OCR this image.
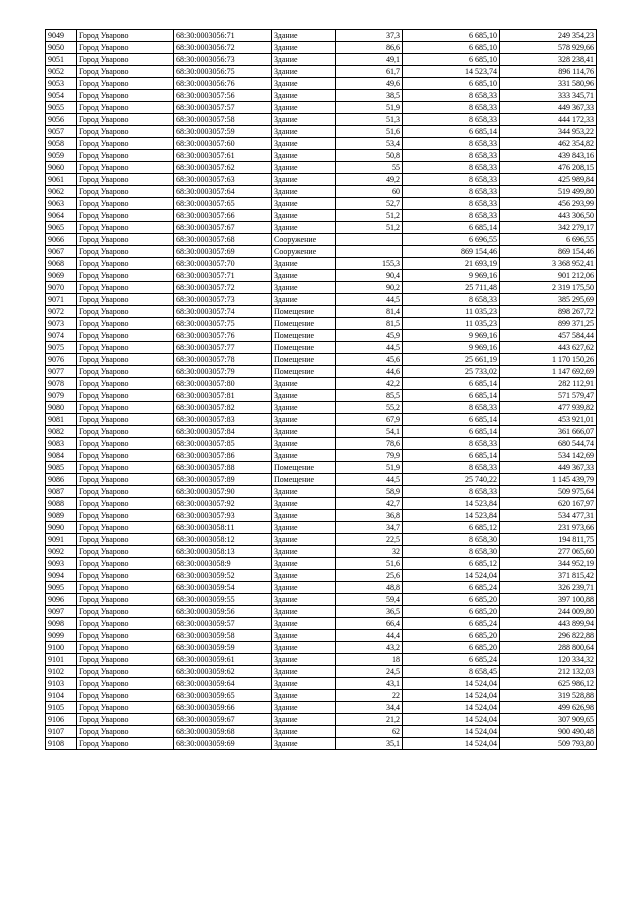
9049	Город Уварово	68:30:0003056:71	Здание	37,3	6 685,10	249 354,23
9050	Город Уварово	68:30:0003056:72	Здание	86,6	6 685,10	578 929,66
9051	Город Уварово	68:30:0003056:73	Здание	49,1	6 685,10	328 238,41
9052	Город Уварово	68:30:0003056:75	Здание	61,7	14 523,74	896 114,76
9053	Город Уварово	68:30:0003056:76	Здание	49,6	6 685,10	331 580,96
9054	Город Уварово	68:30:0003057:56	Здание	38,5	8 658,33	333 345,71
9055	Город Уварово	68:30:0003057:57	Здание	51,9	8 658,33	449 367,33
9056	Город Уварово	68:30:0003057:58	Здание	51,3	8 658,33	444 172,33
9057	Город Уварово	68:30:0003057:59	Здание	51,6	6 685,14	344 953,22
9058	Город Уварово	68:30:0003057:60	Здание	53,4	8 658,33	462 354,82
9059	Город Уварово	68:30:0003057:61	Здание	50,8	8 658,33	439 843,16
9060	Город Уварово	68:30:0003057:62	Здание	55	8 658,33	476 208,15
9061	Город Уварово	68:30:0003057:63	Здание	49,2	8 658,33	425 989,84
9062	Город Уварово	68:30:0003057:64	Здание	60	8 658,33	519 499,80
9063	Город Уварово	68:30:0003057:65	Здание	52,7	8 658,33	456 293,99
9064	Город Уварово	68:30:0003057:66	Здание	51,2	8 658,33	443 306,50
9065	Город Уварово	68:30:0003057:67	Здание	51,2	6 685,14	342 279,17
9066	Город Уварово	68:30:0003057:68	Сооружение		6 696,55	6 696,55
9067	Город Уварово	68:30:0003057:69	Сооружение		869 154,46	869 154,46
9068	Город Уварово	68:30:0003057:70	Здание	155,3	21 693,19	3 368 952,41
9069	Город Уварово	68:30:0003057:71	Здание	90,4	9 969,16	901 212,06
9070	Город Уварово	68:30:0003057:72	Здание	90,2	25 711,48	2 319 175,50
9071	Город Уварово	68:30:0003057:73	Здание	44,5	8 658,33	385 295,69
9072	Город Уварово	68:30:0003057:74	Помещение	81,4	11 035,23	898 267,72
9073	Город Уварово	68:30:0003057:75	Помещение	81,5	11 035,23	899 371,25
9074	Город Уварово	68:30:0003057:76	Помещение	45,9	9 969,16	457 584,44
9075	Город Уварово	68:30:0003057:77	Помещение	44,5	9 969,16	443 627,62
9076	Город Уварово	68:30:0003057:78	Помещение	45,6	25 661,19	1 170 150,26
9077	Город Уварово	68:30:0003057:79	Помещение	44,6	25 733,02	1 147 692,69
9078	Город Уварово	68:30:0003057:80	Здание	42,2	6 685,14	282 112,91
9079	Город Уварово	68:30:0003057:81	Здание	85,5	6 685,14	571 579,47
9080	Город Уварово	68:30:0003057:82	Здание	55,2	8 658,33	477 939,82
9081	Город Уварово	68:30:0003057:83	Здание	67,9	6 685,14	453 921,01
9082	Город Уварово	68:30:0003057:84	Здание	54,1	6 685,14	361 666,07
9083	Город Уварово	68:30:0003057:85	Здание	78,6	8 658,33	680 544,74
9084	Город Уварово	68:30:0003057:86	Здание	79,9	6 685,14	534 142,69
9085	Город Уварово	68:30:0003057:88	Помещение	51,9	8 658,33	449 367,33
9086	Город Уварово	68:30:0003057:89	Помещение	44,5	25 740,22	1 145 439,79
9087	Город Уварово	68:30:0003057:90	Здание	58,9	8 658,33	509 975,64
9088	Город Уварово	68:30:0003057:92	Здание	42,7	14 523,84	620 167,97
9089	Город Уварово	68:30:0003057:93	Здание	36,8	14 523,84	534 477,31
9090	Город Уварово	68:30:0003058:11	Здание	34,7	6 685,12	231 973,66
9091	Город Уварово	68:30:0003058:12	Здание	22,5	8 658,30	194 811,75
9092	Город Уварово	68:30:0003058:13	Здание	32	8 658,30	277 065,60
9093	Город Уварово	68:30:0003058:9	Здание	51,6	6 685,12	344 952,19
9094	Город Уварово	68:30:0003059:52	Здание	25,6	14 524,04	371 815,42
9095	Город Уварово	68:30:0003059:54	Здание	48,8	6 685,24	326 239,71
9096	Город Уварово	68:30:0003059:55	Здание	59,4	6 685,20	397 100,88
9097	Город Уварово	68:30:0003059:56	Здание	36,5	6 685,20	244 009,80
9098	Город Уварово	68:30:0003059:57	Здание	66,4	6 685,24	443 899,94
9099	Город Уварово	68:30:0003059:58	Здание	44,4	6 685,20	296 822,88
9100	Город Уварово	68:30:0003059:59	Здание	43,2	6 685,20	288 800,64
9101	Город Уварово	68:30:0003059:61	Здание	18	6 685,24	120 334,32
9102	Город Уварово	68:30:0003059:62	Здание	24,5	8 658,45	212 132,03
9103	Город Уварово	68:30:0003059:64	Здание	43,1	14 524,04	625 986,12
9104	Город Уварово	68:30:0003059:65	Здание	22	14 524,04	319 528,88
9105	Город Уварово	68:30:0003059:66	Здание	34,4	14 524,04	499 626,98
9106	Город Уварово	68:30:0003059:67	Здание	21,2	14 524,04	307 909,65
9107	Город Уварово	68:30:0003059:68	Здание	62	14 524,04	900 490,48
9108	Город Уварово	68:30:0003059:69	Здание	35,1	14 524,04	509 793,80
